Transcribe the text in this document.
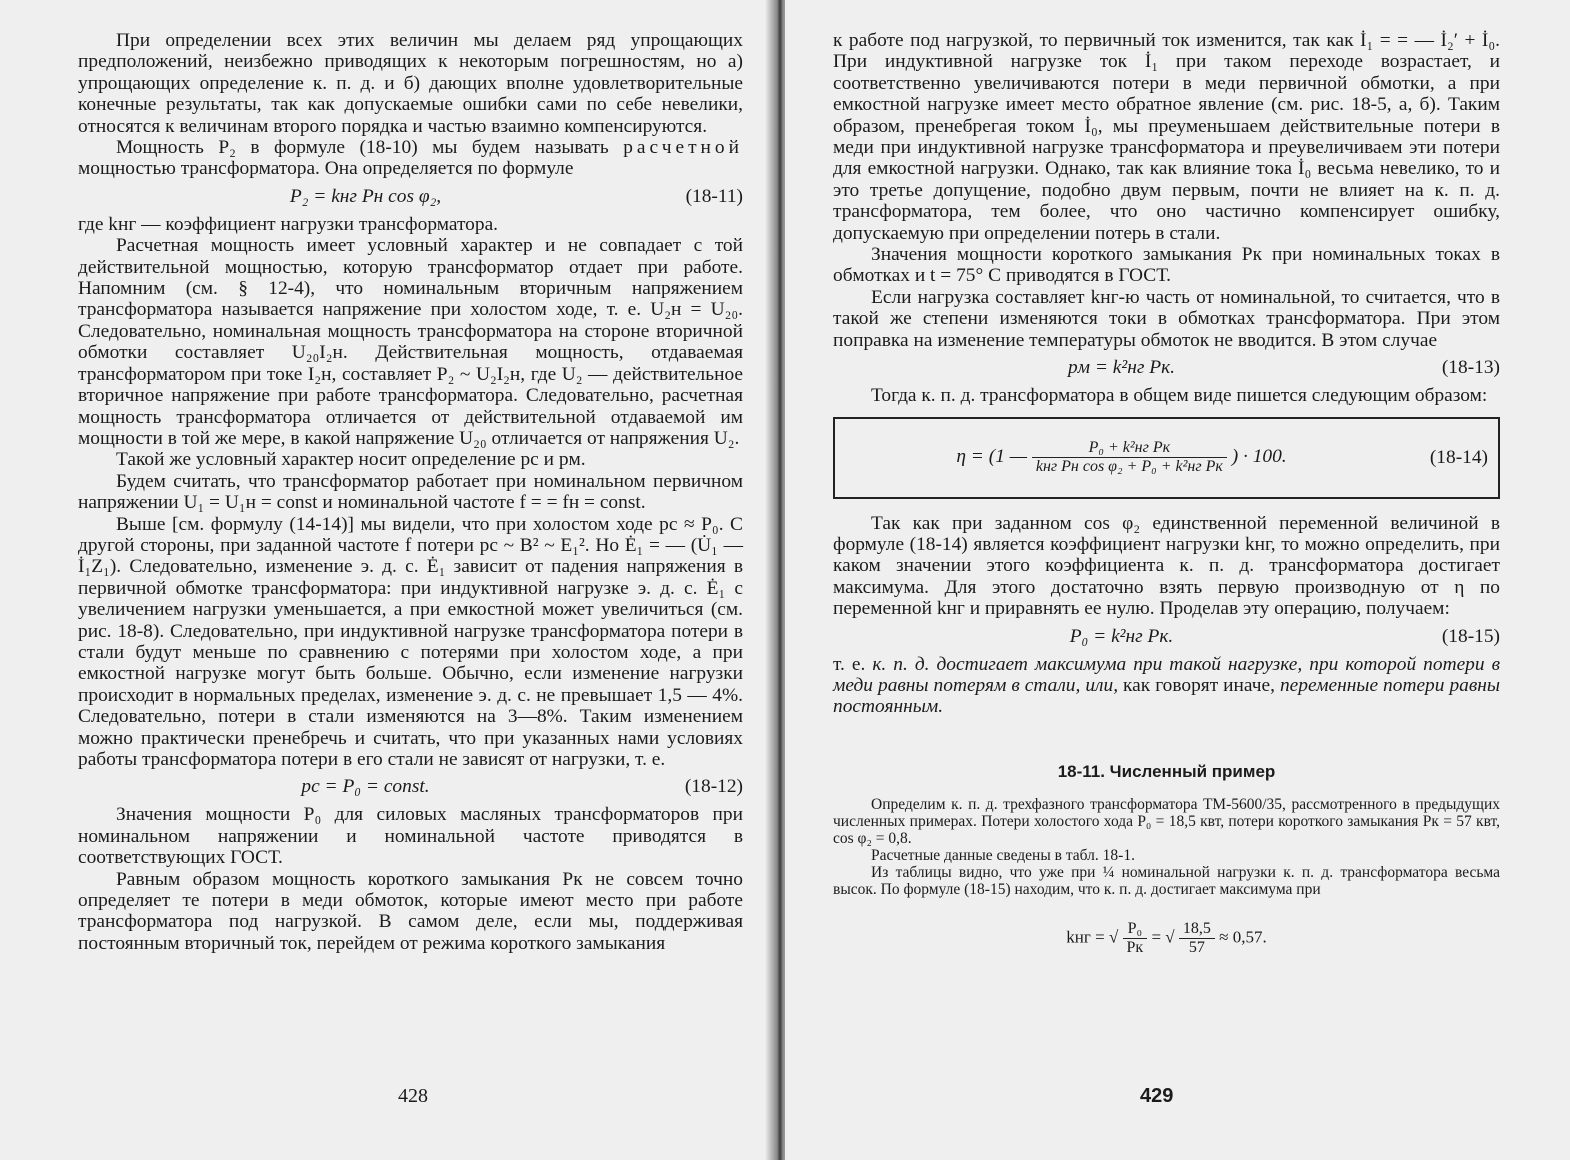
При определении всех этих величин мы делаем ряд упрощающих предположений, неизбежно приводящих к некоторым погрешностям, но а) упрощающих определение к. п. д. и б) дающих вполне удовлетворительные конечные результаты, так как допускаемые ошибки сами по себе невелики, относятся к величинам второго порядка и частью взаимно компенсируются.

Мощность P₂ в формуле (18-10) мы будем называть расчетной мощностью трансформатора. Она определяется по формуле

P₂ = kнг Pн cos φ₂,	(18-11)

где kнг — коэффициент нагрузки трансформатора.

Расчетная мощность имеет условный характер и не совпадает с той действительной мощностью, которую трансформатор отдает при работе. Напомним (см. § 12-4), что номинальным вторичным напряжением трансформатора называется напряжение при холостом ходе, т. е. U₂н = U₂₀. Следовательно, номинальная мощность трансформатора на стороне вторичной обмотки составляет U₂₀I₂н. Действительная мощность, отдаваемая трансформатором при токе I₂н, составляет P₂ ~ U₂I₂н, где U₂ — действительное вторичное напряжение при работе трансформатора. Следовательно, расчетная мощность трансформатора отличается от действительной отдаваемой им мощности в той же мере, в какой напряжение U₂₀ отличается от напряжения U₂.

Такой же условный характер носит определение pс и pм.

Будем считать, что трансформатор работает при номинальном первичном напряжении U₁ = U₁н = const и номинальной частоте f = = fн = const.

Выше [см. формулу (14-14)] мы видели, что при холостом ходе pс ≈ P₀. С другой стороны, при заданной частоте f потери pс ~ B² ~ E₁². Но Ė₁ = — (U̇₁ — İ₁Z₁). Следовательно, изменение э. д. с. Ė₁ зависит от падения напряжения в первичной обмотке трансформатора: при индуктивной нагрузке э. д. с. Ė₁ с увеличением нагрузки уменьшается, а при емкостной может увеличиться (см. рис. 18-8). Следовательно, при индуктивной нагрузке трансформатора потери в стали будут меньше по сравнению с потерями при холостом ходе, а при емкостной нагрузке могут быть больше. Обычно, если изменение нагрузки происходит в нормальных пределах, изменение э. д. с. не превышает 1,5 — 4%. Следовательно, потери в стали изменяются на 3—8%. Таким изменением можно практически пренебречь и считать, что при указанных нами условиях работы трансформатора потери в его стали не зависят от нагрузки, т. е.

pс = P₀ = const.	(18-12)

Значения мощности P₀ для силовых масляных трансформаторов при номинальном напряжении и номинальной частоте приводятся в соответствующих ГОСТ.

Равным образом мощность короткого замыкания Pк не совсем точно определяет те потери в меди обмоток, которые имеют место при работе трансформатора под нагрузкой. В самом деле, если мы, поддерживая постоянным вторичный ток, перейдем от режима короткого замыкания

428

к работе под нагрузкой, то первичный ток изменится, так как İ₁ = = — İ₂′ + İ₀. При индуктивной нагрузке ток İ₁ при таком переходе возрастает, и соответственно увеличиваются потери в меди первичной обмотки, а при емкостной нагрузке имеет место обратное явление (см. рис. 18-5, а, б). Таким образом, пренебрегая током İ₀, мы преуменьшаем действительные потери в меди при индуктивной нагрузке трансформатора и преувеличиваем эти потери для емкостной нагрузки. Однако, так как влияние тока İ₀ весьма невелико, то и это третье допущение, подобно двум первым, почти не влияет на к. п. д. трансформатора, тем более, что оно частично компенсирует ошибку, допускаемую при определении потерь в стали.

Значения мощности короткого замыкания Pк при номинальных токах в обмотках и t = 75° C приводятся в ГОСТ.

Если нагрузка составляет kнг-ю часть от номинальной, то считается, что в такой же степени изменяются токи в обмотках трансформатора. При этом поправка на изменение температуры обмоток не вводится. В этом случае

pм = k²нг Pк.	(18-13)

Тогда к. п. д. трансформатора в общем виде пишется следующим образом:

η = (1 — $\frac{\text{P₀ + k²нг Pк}}{\text{kнг Pн cos φ₂ + P₀ + k²нг Pк}}$ ) · 100.	(18-14)

Так как при заданном cos φ₂ единственной переменной величиной в формуле (18-14) является коэффициент нагрузки kнг, то можно определить, при каком значении этого коэффициента к. п. д. трансформатора достигает максимума. Для этого достаточно взять первую производную от η по переменной kнг и приравнять ее нулю. Проделав эту операцию, получаем:

P₀ = k²нг Pк.	(18-15)

т. е. к. п. д. достигает максимума при такой нагрузке, при которой потери в меди равны потерям в стали, или, как говорят иначе, переменные потери равны постоянным.

18-11. Численный пример

Определим к. п. д. трехфазного трансформатора ТМ-5600/35, рассмотренного в предыдущих численных примерах. Потери холостого хода P₀ = 18,5 квт, потери короткого замыкания Pк = 57 квт, cos φ₂ = 0,8.

Расчетные данные сведены в табл. 18-1.

Из таблицы видно, что уже при ¼ номинальной нагрузки к. п. д. трансформатора весьма высок. По формуле (18-15) находим, что к. п. д. достигает максимума при

kнг = √ $\frac{\text{P₀}}{Pк}$ = √ $\frac{18,5}{57} \approx 0,57$.
429
